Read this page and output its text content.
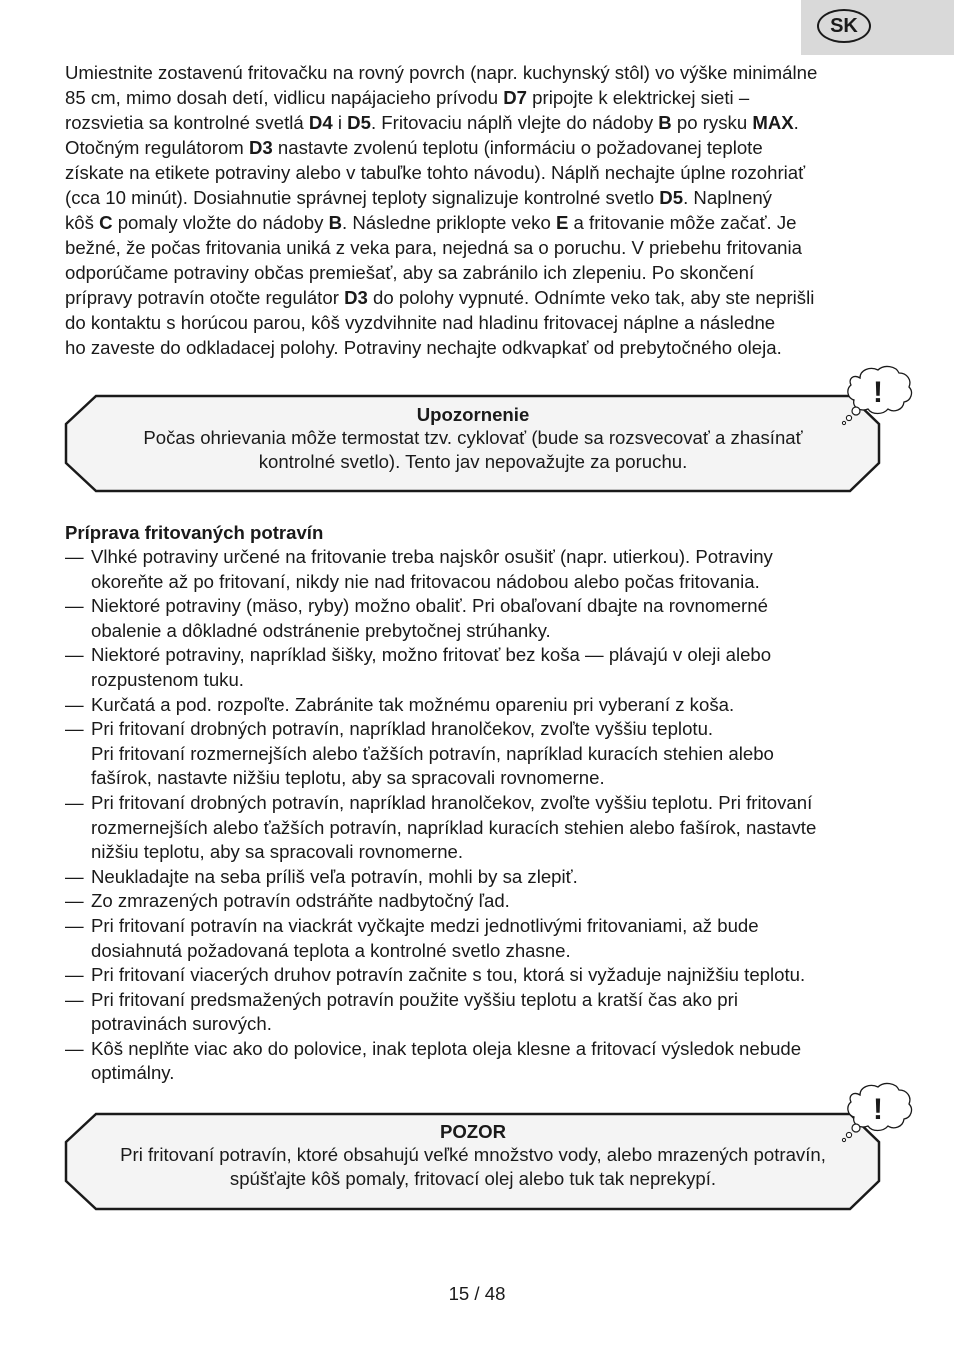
SK
Umiestnite zostavenú fritovačku na rovný povrch (napr. kuchynský stôl) vo výške minimálne
85 cm, mimo dosah detí, vidlicu napájacieho prívodu D7 pripojte k elektrickej sieti –
rozsvietia sa kontrolné svetlá D4 i D5. Fritovaciu náplň vlejte do nádoby B po rysku MAX.
Otočným regulátorom D3 nastavte zvolenú teplotu (informáciu o požadovanej teplote
získate na etikete potraviny alebo v tabuľke tohto návodu). Náplň nechajte úplne rozohriať
(cca 10 minút). Dosiahnutie správnej teploty signalizuje kontrolné svetlo D5. Naplnený
kôš C pomaly vložte do nádoby B. Následne priklopte veko E a fritovanie môže začať. Je
bežné, že počas fritovania uniká z veka para, nejedná sa o poruchu. V priebehu fritovania
odporúčame potraviny občas premiešať, aby sa zabránilo ich zlepeniu. Po skončení
prípravy potravín otočte regulátor D3 do polohy vypnuté. Odnímte veko tak, aby ste neprišli
do kontaktu s horúcou parou, kôš vyzdvihnite nad hladinu fritovacej náplne a následne
ho zaveste do odkladacej polohy. Potraviny nechajte odkvapkať od prebytočného oleja.
Upozornenie
Počas ohrievania môže termostat tzv. cyklovať (bude sa rozsvecovať a zhasínať
kontrolné svetlo). Tento jav nepovažujte za poruchu.
!
Príprava fritovaných potravín
— Vlhké potraviny určené na fritovanie treba najskôr osušiť (napr. utierkou). Potraviny
okoreňte až po fritovaní, nikdy nie nad fritovacou nádobou alebo počas fritovania.
— Niektoré potraviny (mäso, ryby) možno obaliť. Pri obaľovaní dbajte na rovnomerné
obalenie a dôkladné odstránenie prebytočnej strúhanky.
— Niektoré potraviny, napríklad šišky, možno fritovať bez koša — plávajú v oleji alebo
rozpustenom tuku.
— Kurčatá a pod. rozpoľte. Zabránite tak možnému opareniu pri vyberaní z koša.
— Pri fritovaní drobných potravín, napríklad hranolčekov, zvoľte vyššiu teplotu.
Pri fritovaní rozmernejších alebo ťažších potravín, napríklad kuracích stehien alebo
fašírok, nastavte nižšiu teplotu, aby sa spracovali rovnomerne.
— Pri fritovaní drobných potravín, napríklad hranolčekov, zvoľte vyššiu teplotu. Pri fritovaní
rozmernejších alebo ťažších potravín, napríklad kuracích stehien alebo fašírok, nastavte
nižšiu teplotu, aby sa spracovali rovnomerne.
— Neukladajte na seba príliš veľa potravín, mohli by sa zlepiť.
— Zo zmrazených potravín odstráňte nadbytočný ľad.
— Pri fritovaní potravín na viackrát vyčkajte medzi jednotlivými fritovaniami, až bude
dosiahnutá požadovaná teplota a kontrolné svetlo zhasne.
— Pri fritovaní viacerých druhov potravín začnite s tou, ktorá si vyžaduje najnižšiu teplotu.
— Pri fritovaní predsmažených potravín použite vyššiu teplotu a kratší čas ako pri
potravinách surových.
— Kôš neplňte viac ako do polovice, inak teplota oleja klesne a fritovací výsledok nebude
optimálny.
POZOR
Pri fritovaní potravín, ktoré obsahujú veľké množstvo vody, alebo mrazených potravín,
spúšťajte kôš pomaly, fritovací olej alebo tuk tak neprekypí.
!
15 / 48
